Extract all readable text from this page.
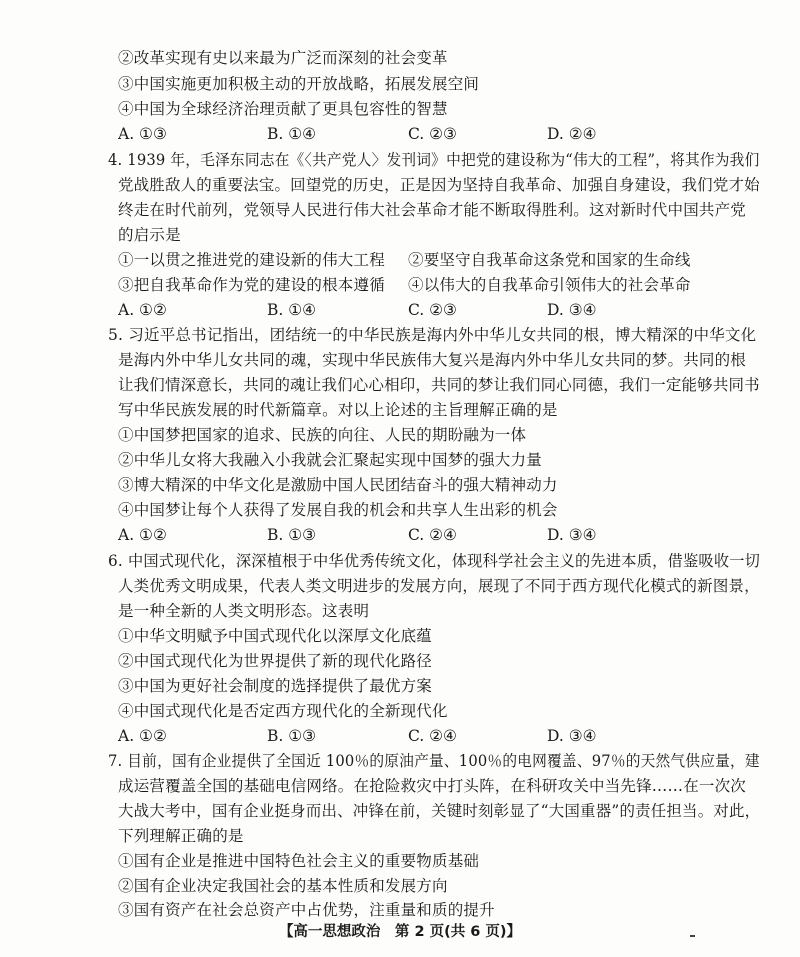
②改革实现有史以来最为广泛而深刻的社会变革
③中国实施更加积极主动的开放战略，拓展发展空间
④中国为全球经济治理贡献了更具包容性的智慧
A. ①③	B. ①④	C. ②③	D. ②④
4. 1939 年，毛泽东同志在《〈共产党人〉发刊词》中把党的建设称为“伟大的工程”，将其作为我们
党战胜敌人的重要法宝。回望党的历史，正是因为坚持自我革命、加强自身建设，我们党才始
终走在时代前列，党领导人民进行伟大社会革命才能不断取得胜利。这对新时代中国共产党
的启示是
①一以贯之推进党的建设新的伟大工程 ②要坚守自我革命这条党和国家的生命线
③把自我革命作为党的建设的根本遵循 ④以伟大的自我革命引领伟大的社会革命
A. ①②	B. ①④	C. ②③	D. ③④
5. 习近平总书记指出，团结统一的中华民族是海内外中华儿女共同的根，博大精深的中华文化
是海内外中华儿女共同的魂，实现中华民族伟大复兴是海内外中华儿女共同的梦。共同的根
让我们情深意长，共同的魂让我们心心相印，共同的梦让我们同心同德，我们一定能够共同书
写中华民族发展的时代新篇章。对以上论述的主旨理解正确的是
①中国梦把国家的追求、民族的向往、人民的期盼融为一体
②中华儿女将大我融入小我就会汇聚起实现中国梦的强大力量
③博大精深的中华文化是激励中国人民团结奋斗的强大精神动力
④中国梦让每个人获得了发展自我的机会和共享人生出彩的机会
A. ①②	B. ①③	C. ②④	D. ③④
6. 中国式现代化，深深植根于中华优秀传统文化，体现科学社会主义的先进本质，借鉴吸收一切
人类优秀文明成果，代表人类文明进步的发展方向，展现了不同于西方现代化模式的新图景，
是一种全新的人类文明形态。这表明
①中华文明赋予中国式现代化以深厚文化底蕴
②中国式现代化为世界提供了新的现代化路径
③中国为更好社会制度的选择提供了最优方案
④中国式现代化是否定西方现代化的全新现代化
A. ①②	B. ①③	C. ②④	D. ③④
7. 目前，国有企业提供了全国近 100％的原油产量、100％的电网覆盖、97％的天然气供应量，建
成运营覆盖全国的基础电信网络。在抢险救灾中打头阵，在科研攻关中当先锋……在一次次
大战大考中，国有企业挺身而出、冲锋在前，关键时刻彰显了“大国重器”的责任担当。对此，
下列理解正确的是
①国有企业是推进中国特色社会主义的重要物质基础
②国有企业决定我国社会的基本性质和发展方向
③国有资产在社会总资产中占优势，注重量和质的提升
【高一思想政治　第 2 页(共 6 页)】
